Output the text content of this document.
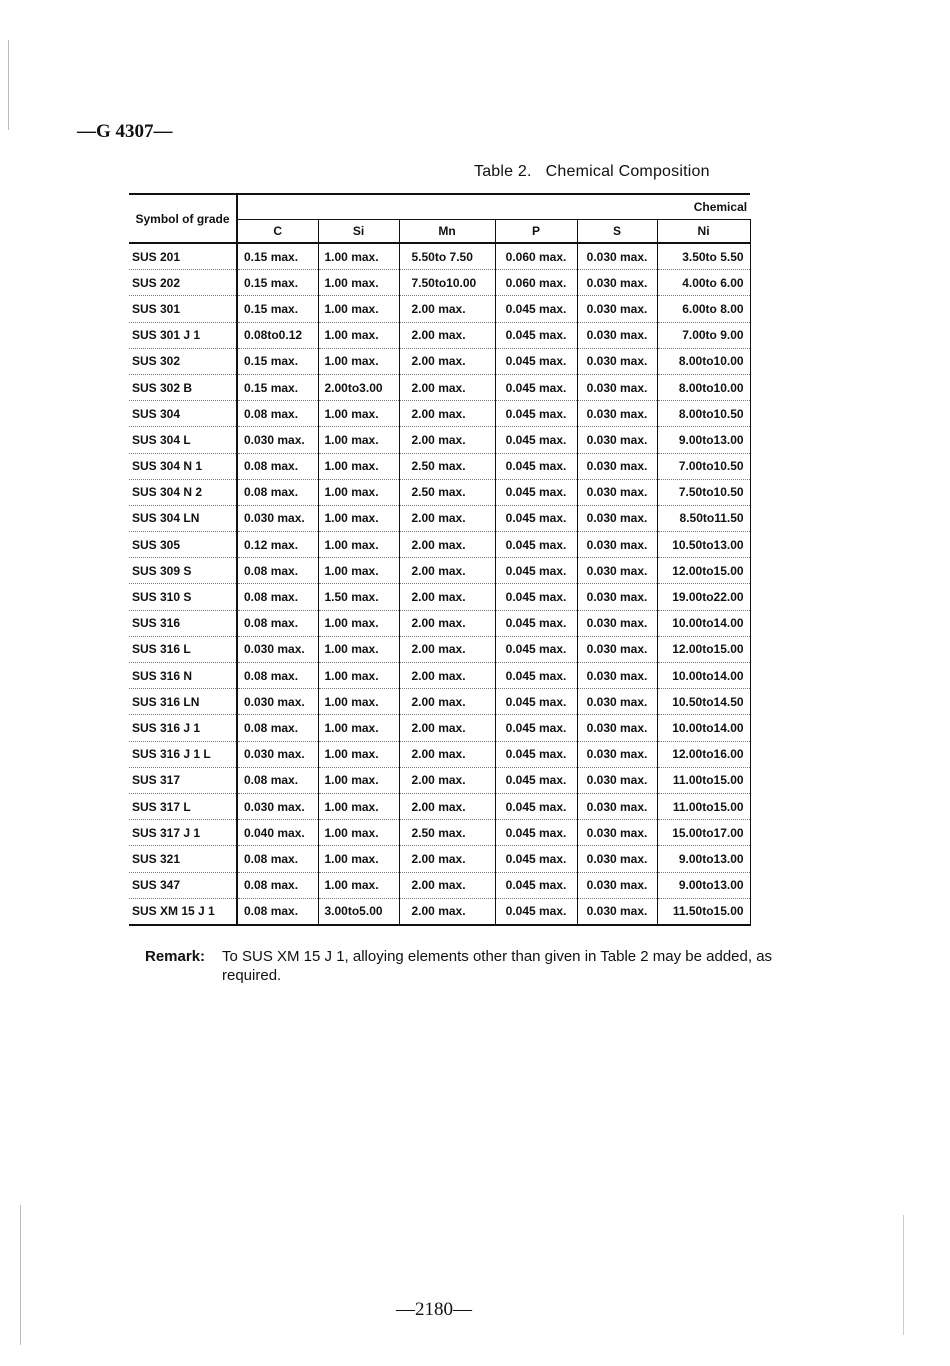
—G 4307—
Table 2. Chemical Composition
Symbol of grade	Chemical					
	C	Si	Mn	P	S	Ni
SUS 201	0.15 max.	1.00 max.	5.50to 7.50	0.060 max.	0.030 max.	3.50to 5.50
SUS 202	0.15 max.	1.00 max.	7.50to10.00	0.060 max.	0.030 max.	4.00to 6.00
SUS 301	0.15 max.	1.00 max.	2.00 max.	0.045 max.	0.030 max.	6.00to 8.00
SUS 301 J 1	0.08to0.12	1.00 max.	2.00 max.	0.045 max.	0.030 max.	7.00to 9.00
SUS 302	0.15 max.	1.00 max.	2.00 max.	0.045 max.	0.030 max.	8.00to10.00
SUS 302 B	0.15 max.	2.00to3.00	2.00 max.	0.045 max.	0.030 max.	8.00to10.00
SUS 304	0.08 max.	1.00 max.	2.00 max.	0.045 max.	0.030 max.	8.00to10.50
SUS 304 L	0.030 max.	1.00 max.	2.00 max.	0.045 max.	0.030 max.	9.00to13.00
SUS 304 N 1	0.08 max.	1.00 max.	2.50 max.	0.045 max.	0.030 max.	7.00to10.50
SUS 304 N 2	0.08 max.	1.00 max.	2.50 max.	0.045 max.	0.030 max.	7.50to10.50
SUS 304 LN	0.030 max.	1.00 max.	2.00 max.	0.045 max.	0.030 max.	8.50to11.50
SUS 305	0.12 max.	1.00 max.	2.00 max.	0.045 max.	0.030 max.	10.50to13.00
SUS 309 S	0.08 max.	1.00 max.	2.00 max.	0.045 max.	0.030 max.	12.00to15.00
SUS 310 S	0.08 max.	1.50 max.	2.00 max.	0.045 max.	0.030 max.	19.00to22.00
SUS 316	0.08 max.	1.00 max.	2.00 max.	0.045 max.	0.030 max.	10.00to14.00
SUS 316 L	0.030 max.	1.00 max.	2.00 max.	0.045 max.	0.030 max.	12.00to15.00
SUS 316 N	0.08 max.	1.00 max.	2.00 max.	0.045 max.	0.030 max.	10.00to14.00
SUS 316 LN	0.030 max.	1.00 max.	2.00 max.	0.045 max.	0.030 max.	10.50to14.50
SUS 316 J 1	0.08 max.	1.00 max.	2.00 max.	0.045 max.	0.030 max.	10.00to14.00
SUS 316 J 1 L	0.030 max.	1.00 max.	2.00 max.	0.045 max.	0.030 max.	12.00to16.00
SUS 317	0.08 max.	1.00 max.	2.00 max.	0.045 max.	0.030 max.	11.00to15.00
SUS 317 L	0.030 max.	1.00 max.	2.00 max.	0.045 max.	0.030 max.	11.00to15.00
SUS 317 J 1	0.040 max.	1.00 max.	2.50 max.	0.045 max.	0.030 max.	15.00to17.00
SUS 321	0.08 max.	1.00 max.	2.00 max.	0.045 max.	0.030 max.	9.00to13.00
SUS 347	0.08 max.	1.00 max.	2.00 max.	0.045 max.	0.030 max.	9.00to13.00
SUS XM 15 J 1	0.08 max.	3.00to5.00	2.00 max.	0.045 max.	0.030 max.	11.50to15.00
Remark: To SUS XM 15 J 1, alloying elements other than given in Table 2 may be added, as required.
—2180—
